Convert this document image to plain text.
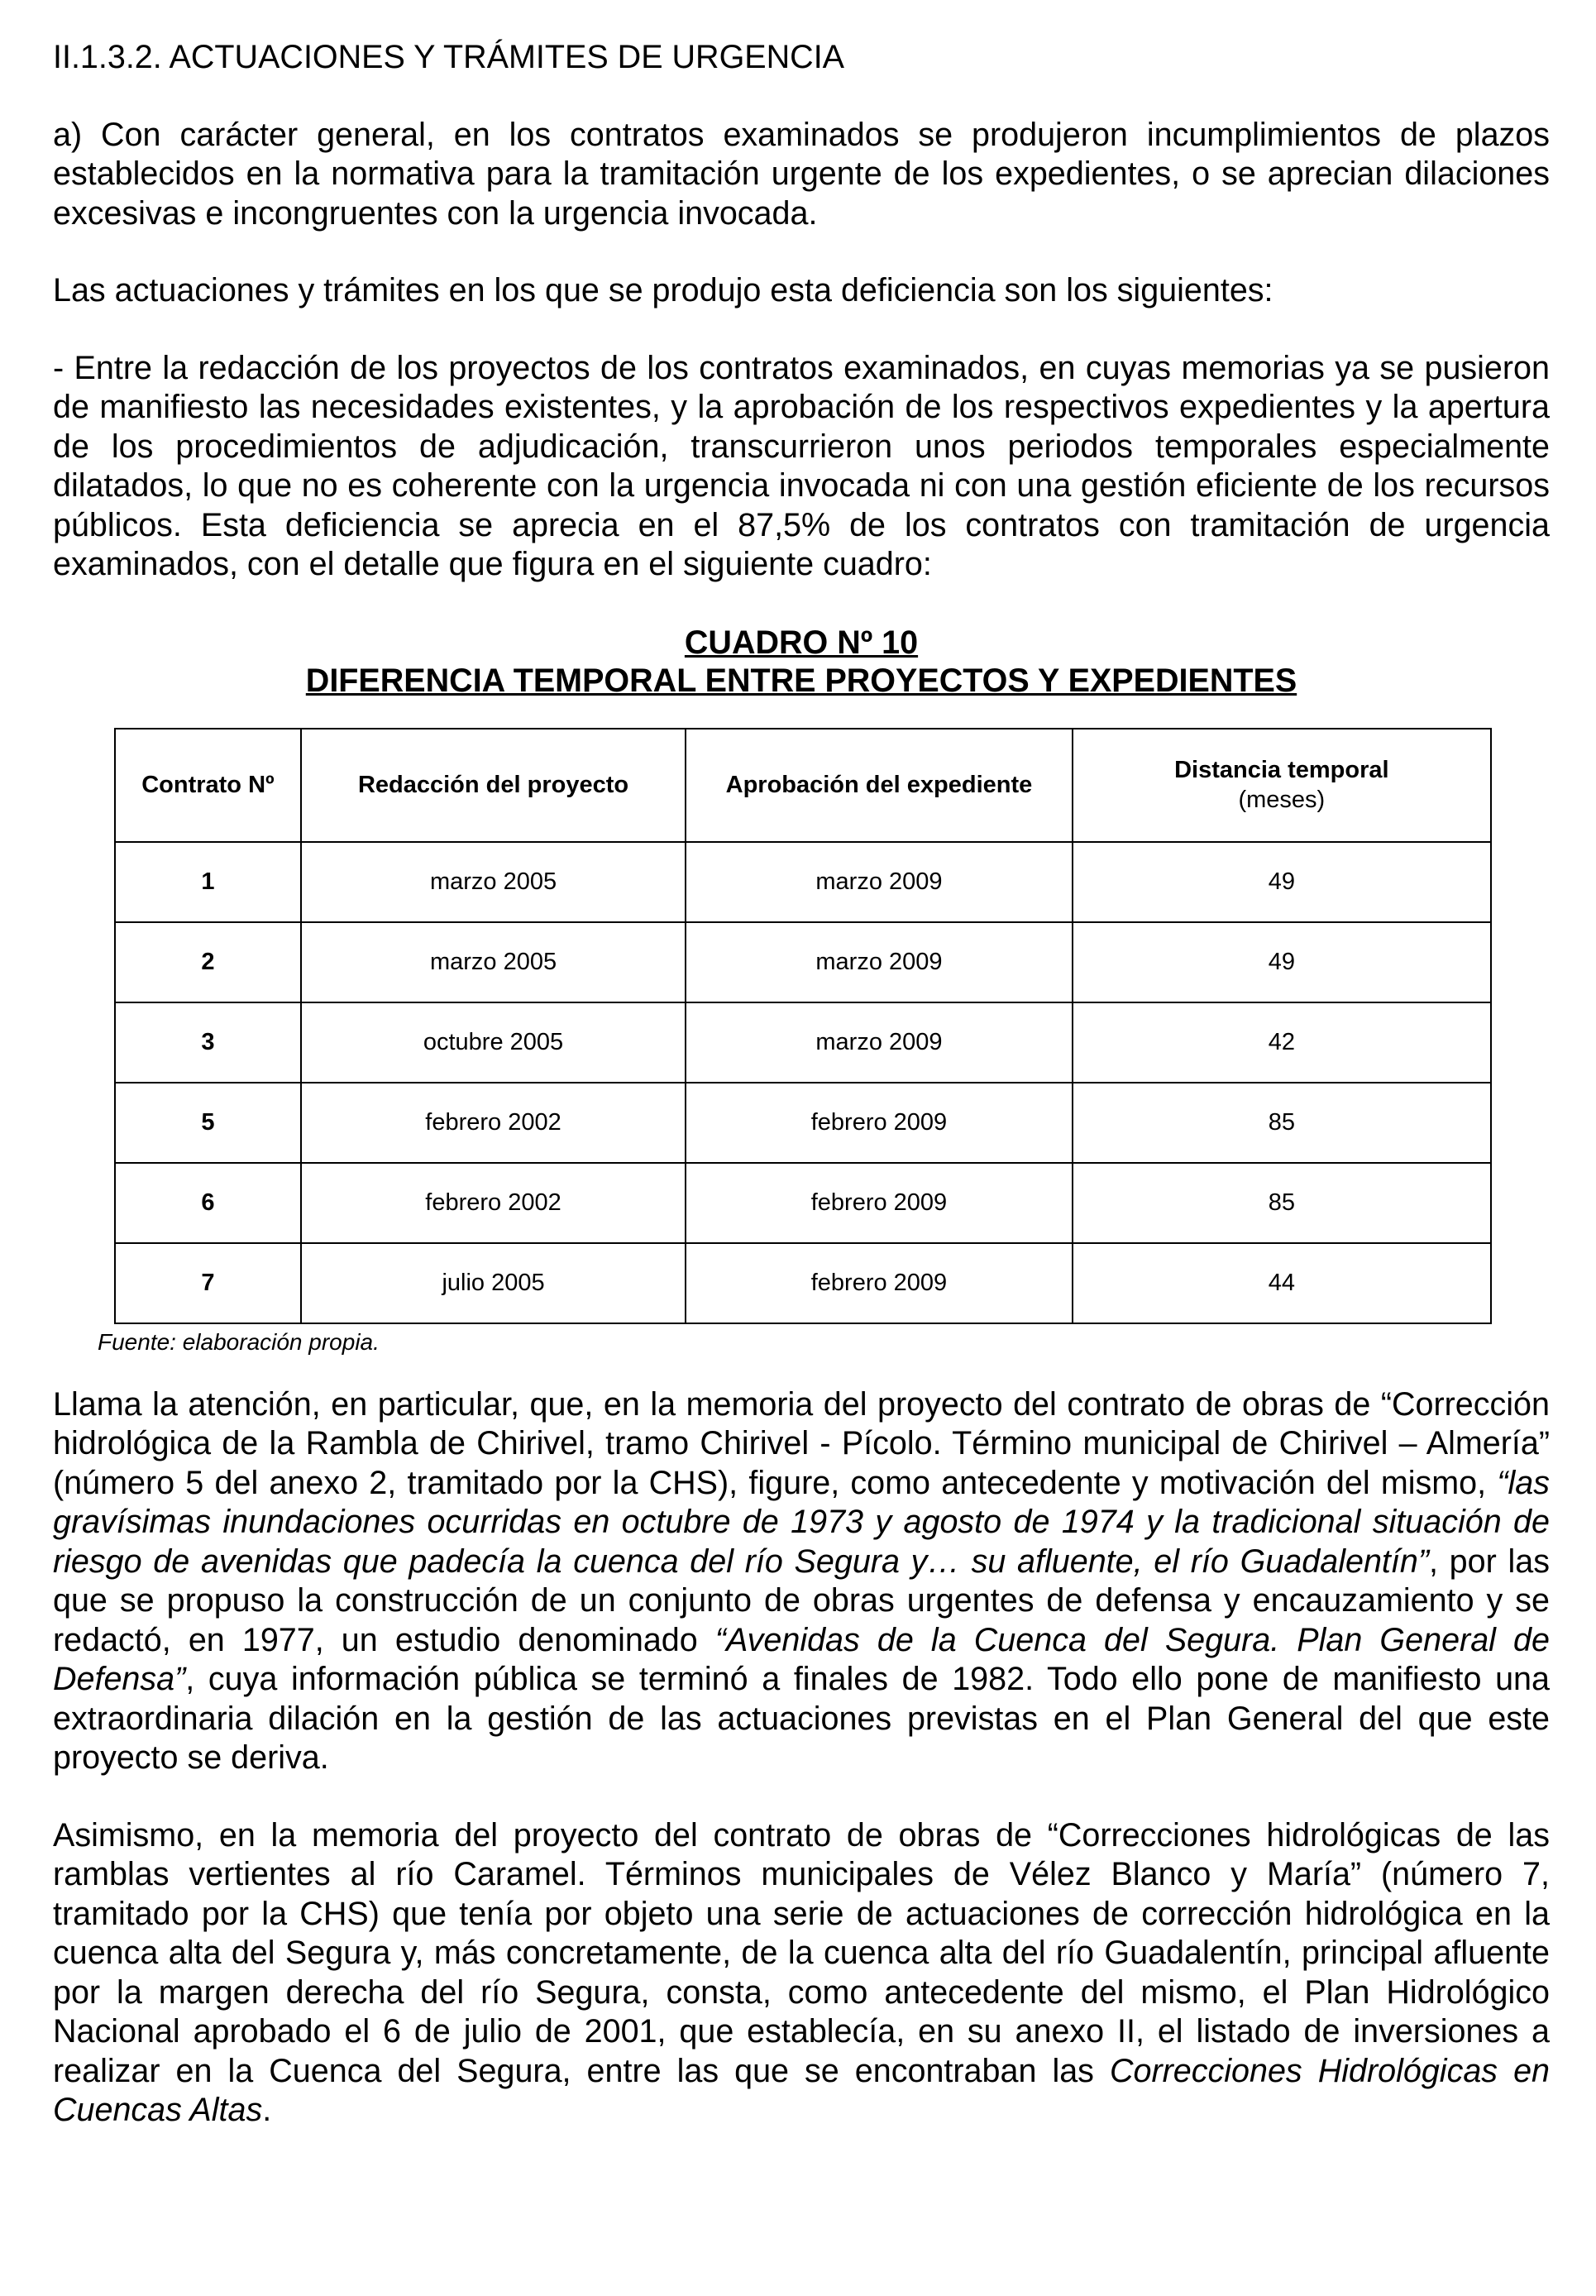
II.1.3.2. ACTUACIONES Y TRÁMITES DE URGENCIA

a) Con carácter general, en los contratos examinados se produjeron incumplimientos de plazos establecidos en la normativa para la tramitación urgente de los expedientes, o se aprecian dilaciones excesivas e incongruentes con la urgencia invocada.

Las actuaciones y trámites en los que se produjo esta deficiencia son los siguientes:

- Entre la redacción de los proyectos de los contratos examinados, en cuyas memorias ya se pusieron de manifiesto las necesidades existentes, y la aprobación de los respectivos expedientes y la apertura de los procedimientos de adjudicación, transcurrieron unos periodos temporales especialmente dilatados, lo que no es coherente con la urgencia invocada ni con una gestión eficiente de los recursos públicos. Esta deficiencia se aprecia en el 87,5% de los contratos con tramitación de urgencia examinados, con el detalle que figura en el siguiente cuadro:

CUADRO Nº 10

DIFERENCIA TEMPORAL ENTRE PROYECTOS Y EXPEDIENTES

Contrato Nº	Redacción del proyecto	Aprobación del expediente	Distancia temporal
(meses)

1	marzo 2005	marzo 2009	49
2	marzo 2005	marzo 2009	49
3	octubre 2005	marzo 2009	42
5	febrero 2002	febrero 2009	85
6	febrero 2002	febrero 2009	85
7	julio 2005	febrero 2009	44

Fuente: elaboración propia.

Llama la atención, en particular, que, en la memoria del proyecto del contrato de obras de “Corrección hidrológica de la Rambla de Chirivel, tramo Chirivel - Pícolo. Término municipal de Chirivel – Almería” (número 5 del anexo 2, tramitado por la CHS), figure, como antecedente y motivación del mismo, “las gravísimas inundaciones ocurridas en octubre de 1973 y agosto de 1974 y la tradicional situación de riesgo de avenidas que padecía la cuenca del río Segura y… su afluente, el río Guadalentín”, por las que se propuso la construcción de un conjunto de obras urgentes de defensa y encauzamiento y se redactó, en 1977, un estudio denominado “Avenidas de la Cuenca del Segura. Plan General de Defensa”, cuya información pública se terminó a finales de 1982. Todo ello pone de manifiesto una extraordinaria dilación en la gestión de las actuaciones previstas en el Plan General del que este proyecto se deriva.

Asimismo, en la memoria del proyecto del contrato de obras de “Correcciones hidrológicas de las ramblas vertientes al río Caramel. Términos municipales de Vélez Blanco y María” (número 7, tramitado por la CHS) que tenía por objeto una serie de actuaciones de corrección hidrológica en la cuenca alta del Segura y, más concretamente, de la cuenca alta del río Guadalentín, principal afluente por la margen derecha del río Segura, consta, como antecedente del mismo, el Plan Hidrológico Nacional aprobado el 6 de julio de 2001, que establecía, en su anexo II, el listado de inversiones a realizar en la Cuenca del Segura, entre las que se encontraban las Correcciones Hidrológicas en Cuencas Altas.
